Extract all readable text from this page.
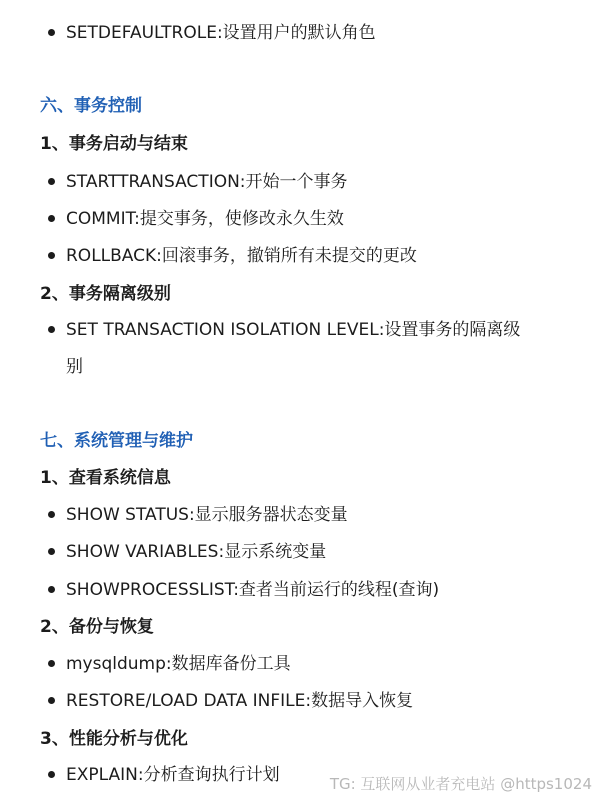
SETDEFAULTROLE:设置用户的默认角色
六、事务控制
1、事务启动与结束
STARTTRANSACTION:开始一个事务
COMMIT:提交事务，使修改永久生效
ROLLBACK:回滚事务，撤销所有未提交的更改
2、事务隔离级别
SET TRANSACTION ISOLATION LEVEL:设置事务的隔离级
别
七、系统管理与维护
1、查看系统信息
SHOW STATUS:显示服务器状态变量
SHOW VARIABLES:显示系统变量
SHOWPROCESSLIST:查者当前运行的线程(查询)
2、备份与恢复
mysqldump:数据库备份工具
RESTORE/LOAD DATA INFILE:数据导入恢复
3、性能分析与优化
EXPLAIN:分析查询执行计划	TG: 互联网从业者充电站 @https1024
